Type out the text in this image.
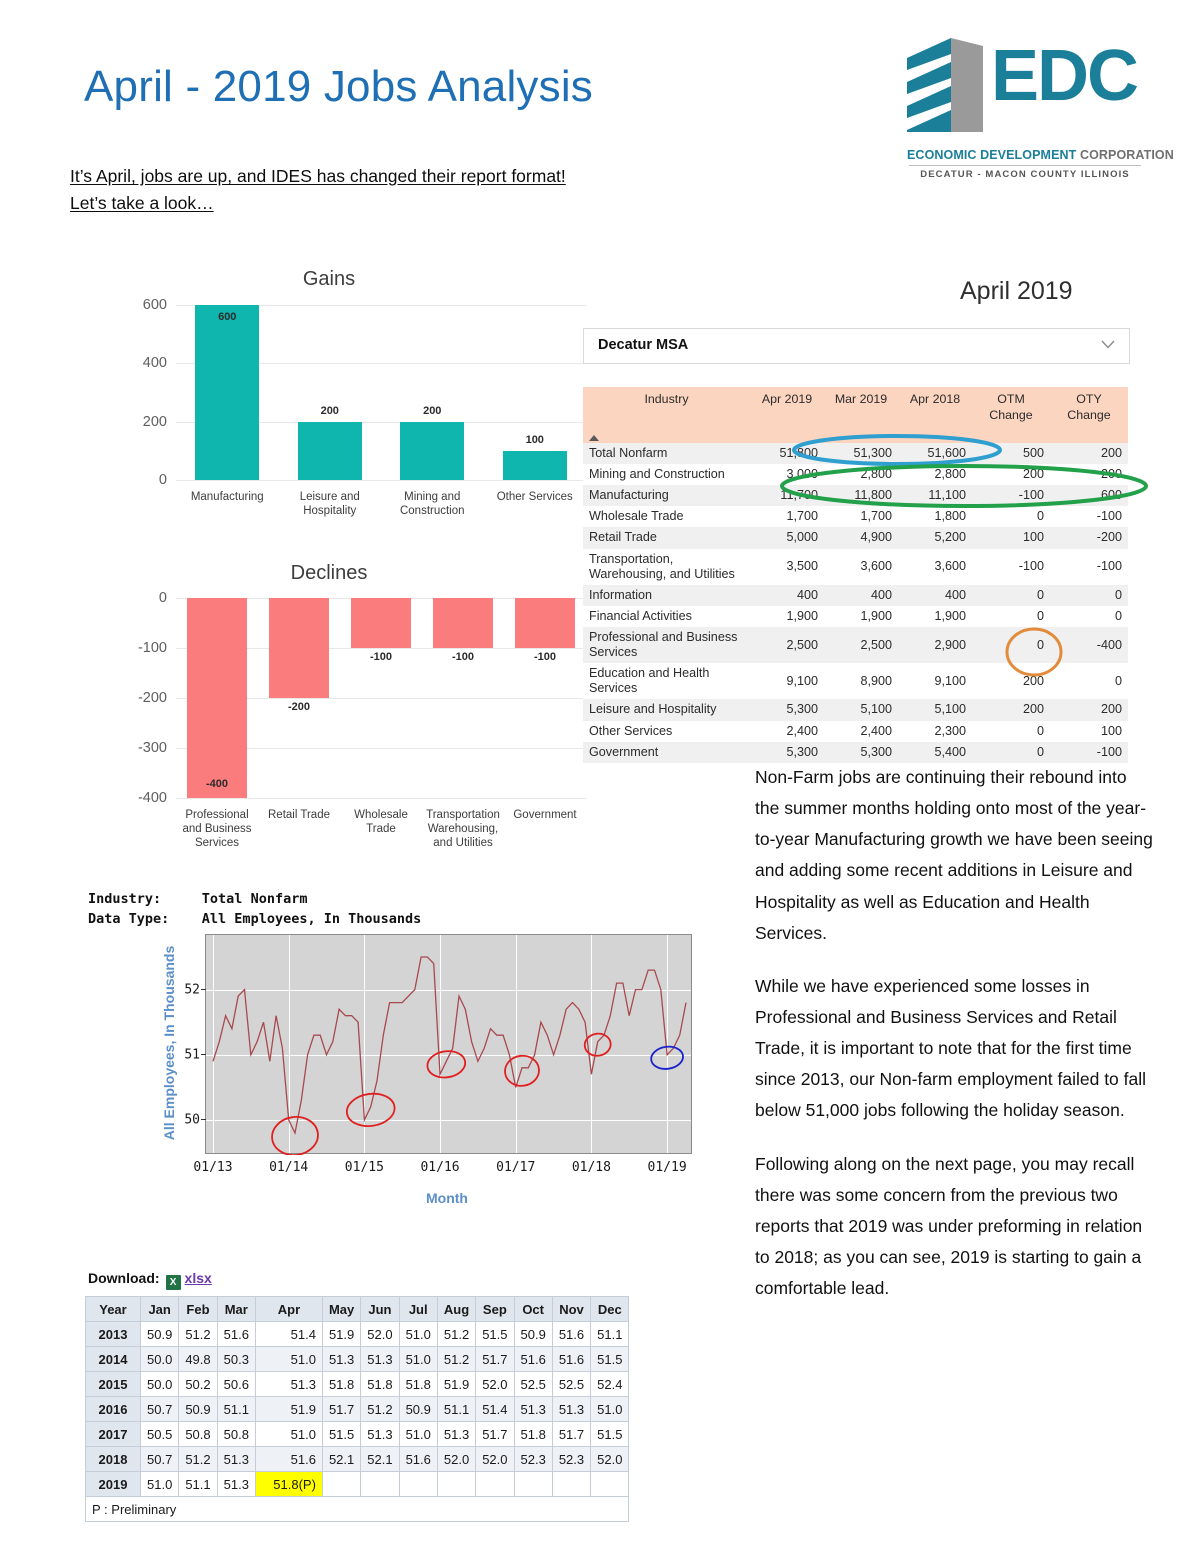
April - 2019 Jobs Analysis
It’s April, jobs are up, and IDES has changed their report format!
Let’s take a look…
EDC
ECONOMIC DEVELOPMENT CORPORATION
DECATUR - MACON COUNTY ILLINOIS
Gains
600
400
200
0
600
Manufacturing
200
Leisure and Hospitality
200
Mining and Construction
100
Other Services
Declines
0
-100
-200
-300
-400
-400
Professional and Business Services
-200
Retail Trade
-100
Wholesale Trade
-100
Transportation Warehousing, and Utilities
-100
Government
April 2019
Decatur MSA
Industry	Apr 2019	Mar 2019	Apr 2018	OTM
Change	OTY
Change
Total Nonfarm	51,800	51,300	51,600	500	200
Mining and Construction	3,000	2,800	2,800	200	200
Manufacturing	11,700	11,800	11,100	-100	600
Wholesale Trade	1,700	1,700	1,800	0	-100
Retail Trade	5,000	4,900	5,200	100	-200
Transportation, Warehousing, and Utilities	3,500	3,600	3,600	-100	-100
Information	400	400	400	0	0
Financial Activities	1,900	1,900	1,900	0	0
Professional and Business Services	2,500	2,500	2,900	0	-400
Education and Health Services	9,100	8,900	9,100	200	0
Leisure and Hospitality	5,300	5,100	5,100	200	200
Other Services	2,400	2,400	2,300	0	100
Government	5,300	5,300	5,400	0	-100
Industry:	Total Nonfarm
Data Type: All Employees, In Thousands
All Employees, In Thousands 52
51
50
01/13	01/14	01/15	01/16	01/17	01/18	01/19
Month
Download: X xlsx
Year	Jan	Feb	Mar	Apr	May	Jun	Jul	Aug	Sep	Oct	Nov	Dec
2013	50.9	51.2	51.6	51.4	51.9	52.0	51.0	51.2	51.5	50.9	51.6	51.1
2014	50.0	49.8	50.3	51.0	51.3	51.3	51.0	51.2	51.7	51.6	51.6	51.5
2015	50.0	50.2	50.6	51.3	51.8	51.8	51.8	51.9	52.0	52.5	52.5	52.4
2016	50.7	50.9	51.1	51.9	51.7	51.2	50.9	51.1	51.4	51.3	51.3	51.0
2017	50.5	50.8	50.8	51.0	51.5	51.3	51.0	51.3	51.7	51.8	51.7	51.5
2018	50.7	51.2	51.3	51.6	52.1	52.1	51.6	52.0	52.0	52.3	52.3	52.0
2019	51.0	51.1	51.3	51.8(P)								
P : Preliminary												

Non-Farm jobs are continuing their rebound into the summer months holding onto most of the year-to-year Manufacturing growth we have been seeing and adding some recent additions in Leisure and Hospitality as well as Education and Health Services.

While we have experienced some losses in Professional and Business Services and Retail Trade, it is important to note that for the first time since 2013, our Non-farm employment failed to fall below 51,000 jobs following the holiday season.

Following along on the next page, you may recall there was some concern from the previous two reports that 2019 was under preforming in relation to 2018; as you can see, 2019 is starting to gain a comfortable lead.
